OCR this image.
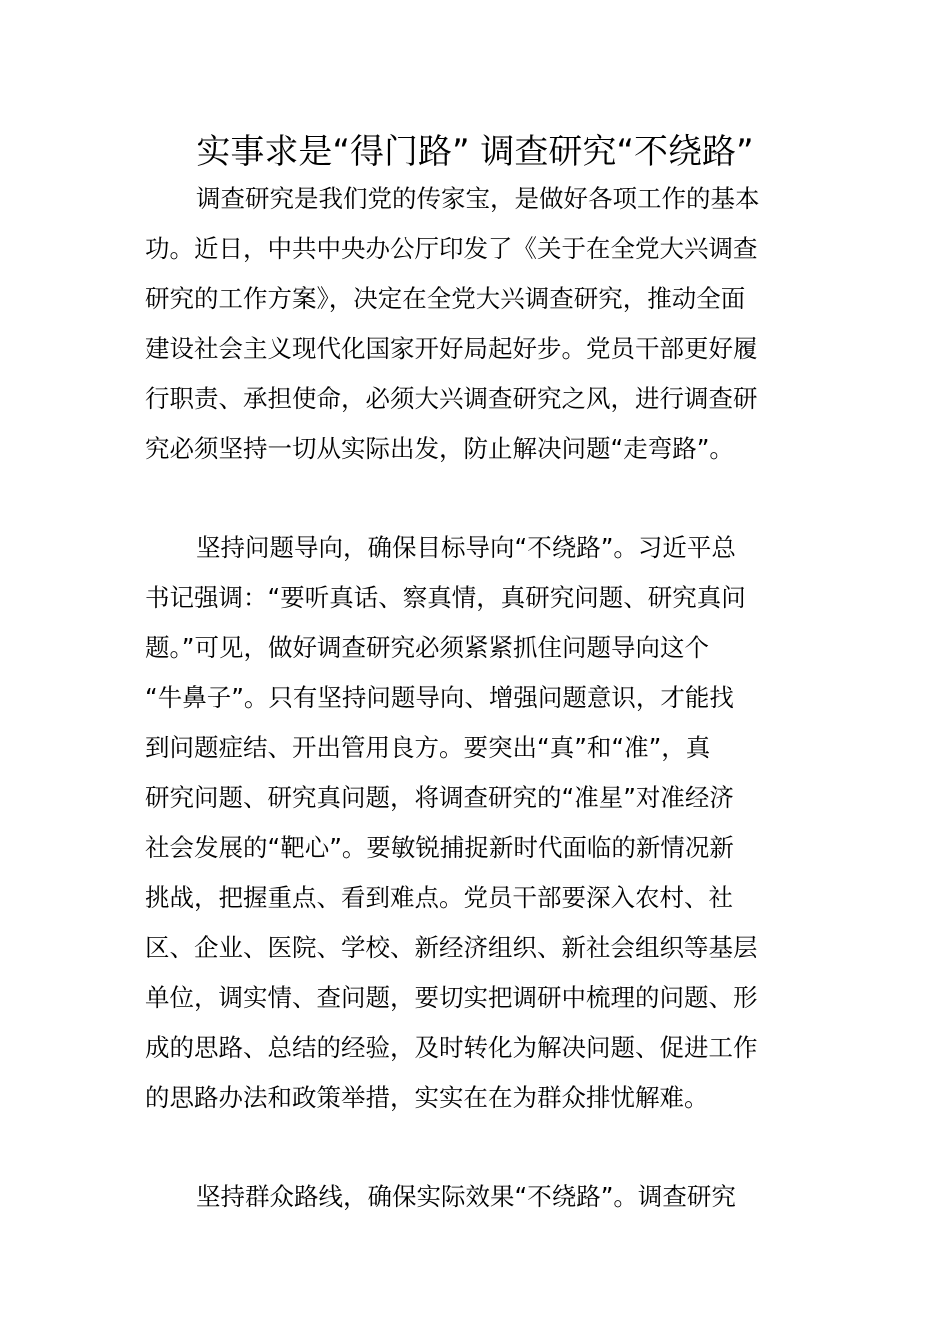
实事求是“得门路” 调查研究“不绕路”
调查研究是我们党的传家宝，是做好各项工作的基本
功。近日，中共中央办公厅印发了《关于在全党大兴调查
研究的工作方案》，决定在全党大兴调查研究，推动全面
建设社会主义现代化国家开好局起好步。党员干部更好履
行职责、承担使命，必须大兴调查研究之风，进行调查研
究必须坚持一切从实际出发，防止解决问题“走弯路”。
坚持问题导向，确保目标导向“不绕路”。习近平总
书记强调：“要听真话、察真情，真研究问题、研究真问
题。”可见，做好调查研究必须紧紧抓住问题导向这个
“牛鼻子”。只有坚持问题导向、增强问题意识，才能找
到问题症结、开出管用良方。要突出“真”和“准”，真
研究问题、研究真问题，将调查研究的“准星”对准经济
社会发展的“靶心”。要敏锐捕捉新时代面临的新情况新
挑战，把握重点、看到难点。党员干部要深入农村、社
区、企业、医院、学校、新经济组织、新社会组织等基层
单位，调实情、查问题，要切实把调研中梳理的问题、形
成的思路、总结的经验，及时转化为解决问题、促进工作
的思路办法和政策举措，实实在在为群众排忧解难。
坚持群众路线，确保实际效果“不绕路”。调查研究
